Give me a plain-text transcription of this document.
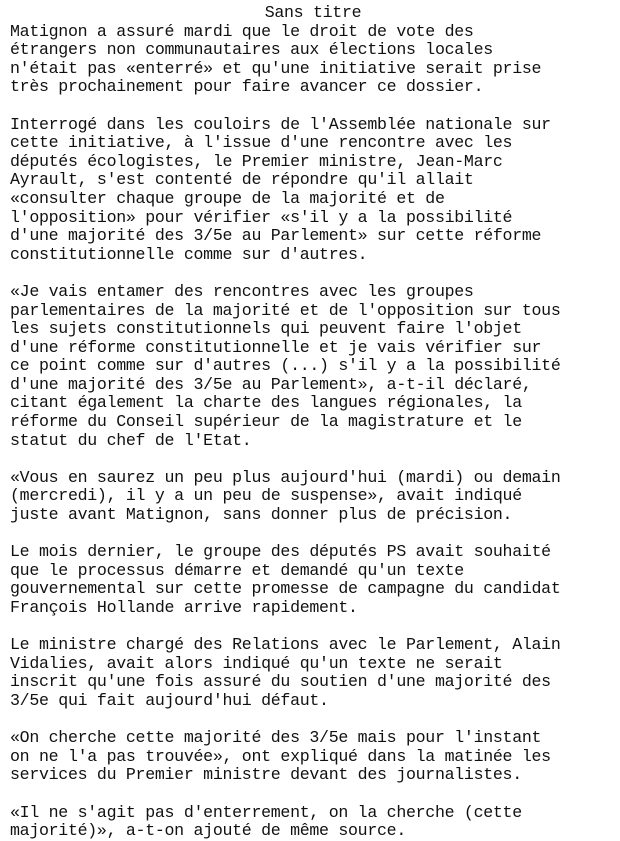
Sans titre
Matignon a assuré mardi que le droit de vote des
étrangers non communautaires aux élections locales
n'était pas «enterré» et qu'une initiative serait prise
très prochainement pour faire avancer ce dossier.
Interrogé dans les couloirs de l'Assemblée nationale sur
cette initiative, à l'issue d'une rencontre avec les
députés écologistes, le Premier ministre, Jean-Marc
Ayrault, s'est contenté de répondre qu'il allait
«consulter chaque groupe de la majorité et de
l'opposition» pour vérifier «s'il y a la possibilité
d'une majorité des 3/5e au Parlement» sur cette réforme
constitutionnelle comme sur d'autres.
«Je vais entamer des rencontres avec les groupes
parlementaires de la majorité et de l'opposition sur tous
les sujets constitutionnels qui peuvent faire l'objet
d'une réforme constitutionnelle et je vais vérifier sur
ce point comme sur d'autres (...) s'il y a la possibilité
d'une majorité des 3/5e au Parlement», a-t-il déclaré,
citant également la charte des langues régionales, la
réforme du Conseil supérieur de la magistrature et le
statut du chef de l'Etat.
«Vous en saurez un peu plus aujourd'hui (mardi) ou demain
(mercredi), il y a un peu de suspense», avait indiqué
juste avant Matignon, sans donner plus de précision.
Le mois dernier, le groupe des députés PS avait souhaité
que le processus démarre et demandé qu'un texte
gouvernemental sur cette promesse de campagne du candidat
François Hollande arrive rapidement.
Le ministre chargé des Relations avec le Parlement, Alain
Vidalies, avait alors indiqué qu'un texte ne serait
inscrit qu'une fois assuré du soutien d'une majorité des
3/5e qui fait aujourd'hui défaut.
«On cherche cette majorité des 3/5e mais pour l'instant
on ne l'a pas trouvée», ont expliqué dans la matinée les
services du Premier ministre devant des journalistes.
«Il ne s'agit pas d'enterrement, on la cherche (cette
majorité)», a-t-on ajouté de même source.
